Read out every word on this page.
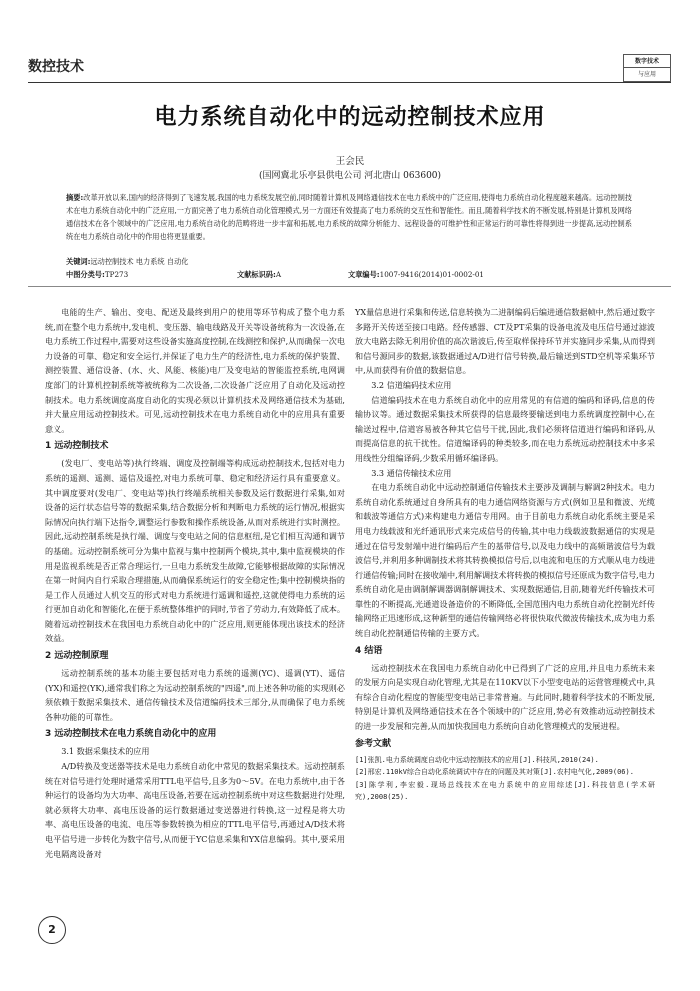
数控技术	数字技术
与应用
电力系统自动化中的远动控制技术应用
王会民
(国网冀北乐亭县供电公司 河北唐山 063600)
摘要:改革开放以来,国内的经济得到了飞速发展,我国的电力系统发展空前,同时随着计算机及网络通信技术在电力系统中的广泛应用,使得电力系统自动化程度越来越高。远动控制技术在电力系统自动化中的广泛应用,一方面完善了电力系统自动化管理模式,另一方面还有效提高了电力系统的交互性和智能性。而且,随着科学技术的不断发展,特别是计算机及网络通信技术在各个领域中的广泛应用,电力系统自动化的范畴将进一步丰富和拓展,电力系统的故障分析能力、远程设备的可维护性和正常运行的可靠性将得到进一步提高,远动控制系统在电力系统自动化中的作用也将更显重要。
关键词:远动控制技术 电力系统 自动化
中图分类号:TP273	文献标识码:A	文章编号:1007-9416(2014)01-0002-01

电能的生产、输出、变电、配送及最终到用户的使用等环节构成了整个电力系统,而在整个电力系统中,发电机、变压器、输电线路及开关等设备统称为一次设备,在电力系统工作过程中,需要对这些设备实施高度控制,在线测控和保护,从而确保一次电力设备的可靠、稳定和安全运行,并保证了电力生产的经济性,电力系统的保护装置、测控装置、通信设备、(水、火、风能、核能)电厂及变电站的智能监控系统,电网调度部门的计算机控制系统等被统称为二次设备,二次设备广泛应用了自动化及远动控制技术。电力系统调度高度自动化的实现必须以计算机技术及网络通信技术为基础,并大量应用远动控制技术。可见,远动控制技术在电力系统自动化中的应用具有重要意义。

1 远动控制技术

(发电厂、变电站等)执行终端、调度及控制端等构成远动控制技术,包括对电力系统的遥测、遥测、遥信及遥控,对电力系统可靠、稳定和经济运行具有重要意义。其中调度要对(发电厂、变电站等)执行终端系统相关参数及运行数据进行采集,如对设备的运行状态信号等的数据采集,结合数据分析和判断电力系统的运行情况,根据实际情况向执行端下达指令,调整运行参数和操作系统设备,从而对系统进行实时测控。因此,远动控制系统是执行端、调度与变电站之间的信息枢纽,是它们相互沟通和调节的基础。远动控制系统可分为集中监视与集中控制两个模块,其中,集中监视模块的作用是监视系统是否正常合理运行,一旦电力系统发生故障,它能够根据故障的实际情况在第一时间内自行采取合理措施,从而确保系统运行的安全稳定性;集中控制模块指的是工作人员通过人机交互的形式对电力系统进行遥调和遥控,这就使得电力系统的运行更加自动化和智能化,在便于系统整体维护的同时,节省了劳动力,有效降低了成本。随着远动控制技术在我国电力系统自动化中的广泛应用,则更能体现出该技术的经济效益。

2 远动控制原理

远动控制系统的基本功能主要包括对电力系统的遥测(YC)、遥调(YT)、遥信(YX)和遥控(YK),通常我们称之为远动控制系统的"四遥",而上述各种功能的实现则必须依赖于数据采集技术、通信传输技术及信道编码技术三部分,从而确保了电力系统各种功能的可靠性。

3 远动控制技术在电力系统自动化中的应用
3.1 数据采集技术的应用

A/D转换及变送器等技术是电力系统自动化中常见的数据采集技术。远动控制系统在对信号进行处理时通常采用TTL电平信号,且多为0～5V。在电力系统中,由于各种运行的设备均为大功率、高电压设备,若要在远动控制系统中对这些数据进行处理,就必须将大功率、高电压设备的运行数据通过变送器进行转换,这一过程是将大功率、高电压设备的电流、电压等参数转换为相应的TTL电平信号,再通过A/D技术将电平信号进一步转化为数字信号,从而便于YC信息采集和YX信息编码。其中,要采用光电隔离设备对

YX量信息进行采集和传送,信息转换为二进制编码后编进通信数据帧中,然后通过数字多路开关传送至接口电路。经传感器、CT及PT采集的设备电流及电压信号通过滤波放大电路去除无利用价值的高次谐波后,传至取样保持环节并实施同步采集,从而得到和信号源同步的数据,该数据通过A/D进行信号转换,最后输送到STD空机等采集环节中,从而获得有价值的数据信息。

3.2 信道编码技术应用

信道编码技术在电力系统自动化中的应用常见的有信道的编码和译码,信息的传输协议等。通过数据采集技术所获得的信息最终要输送到电力系统调度控制中心,在输送过程中,信道容易被各种其它信号干扰,因此,我们必须将信道进行编码和译码,从而提高信息的抗干扰性。信道编译码的种类较多,而在电力系统远动控制技术中多采用线性分组编译码,少数采用循环编译码。

3.3 通信传输技术应用

在电力系统自动化中远动控制通信传输技术主要涉及调制与解调2种技术。电力系统自动化系统通过自身所具有的电力通信网络资源与方式(例如卫星和微波、光缆和载波等通信方式)来构建电力通信专用网。由于目前电力系统自动化系统主要是采用电力线载波和光纤通讯形式来完成信号的传输,其中电力线载波数据通信的实现是通过在信号发射端中进行编码后产生的基带信号,以及电力线中的高频谐波信号为载波信号,并利用多种调制技术将其转换模拟信号后,以电流和电压的方式顺从电力线进行通信传输;同时在接收端中,利用解调技术将转换的模拟信号还原成为数字信号,电力系统自动化是由调制解调器调制解调技术、实现数据通信,目前,随着光纤传输技术可靠性的不断提高,光通道设备造价的不断降低,全国范围内电力系统自动化控制光纤传输网络正迅速形成,这种新型的通信传输网络必将很快取代微波传输技术,成为电力系统自动化控制通信传输的主要方式。

4 结语

远动控制技术在我国电力系统自动化中已得到了广泛的应用,并且电力系统未来的发展方向是实现自动化管理,尤其是在110KV以下小型变电站的运营管理模式中,具有综合自动化程度的智能型变电站已非常普遍。与此同时,随着科学技术的不断发展,特别是计算机及网络通信技术在各个领域中的广泛应用,势必有效推动远动控制技术的进一步发展和完善,从而加快我国电力系统向自动化管理模式的发展进程。

参考文献

[1]张凯.电力系统调度自动化中远动控制技术的应用[J].科技风,2010(24).

[2]邢宏.110kV综合自动化系统调试中存在的问题及其对策[J].农村电气化,2009(06).

[3]陈学利,李宏毅.现场总线技术在电力系统中的应用综述[J].科技信息(学术研究),2008(25).

2
